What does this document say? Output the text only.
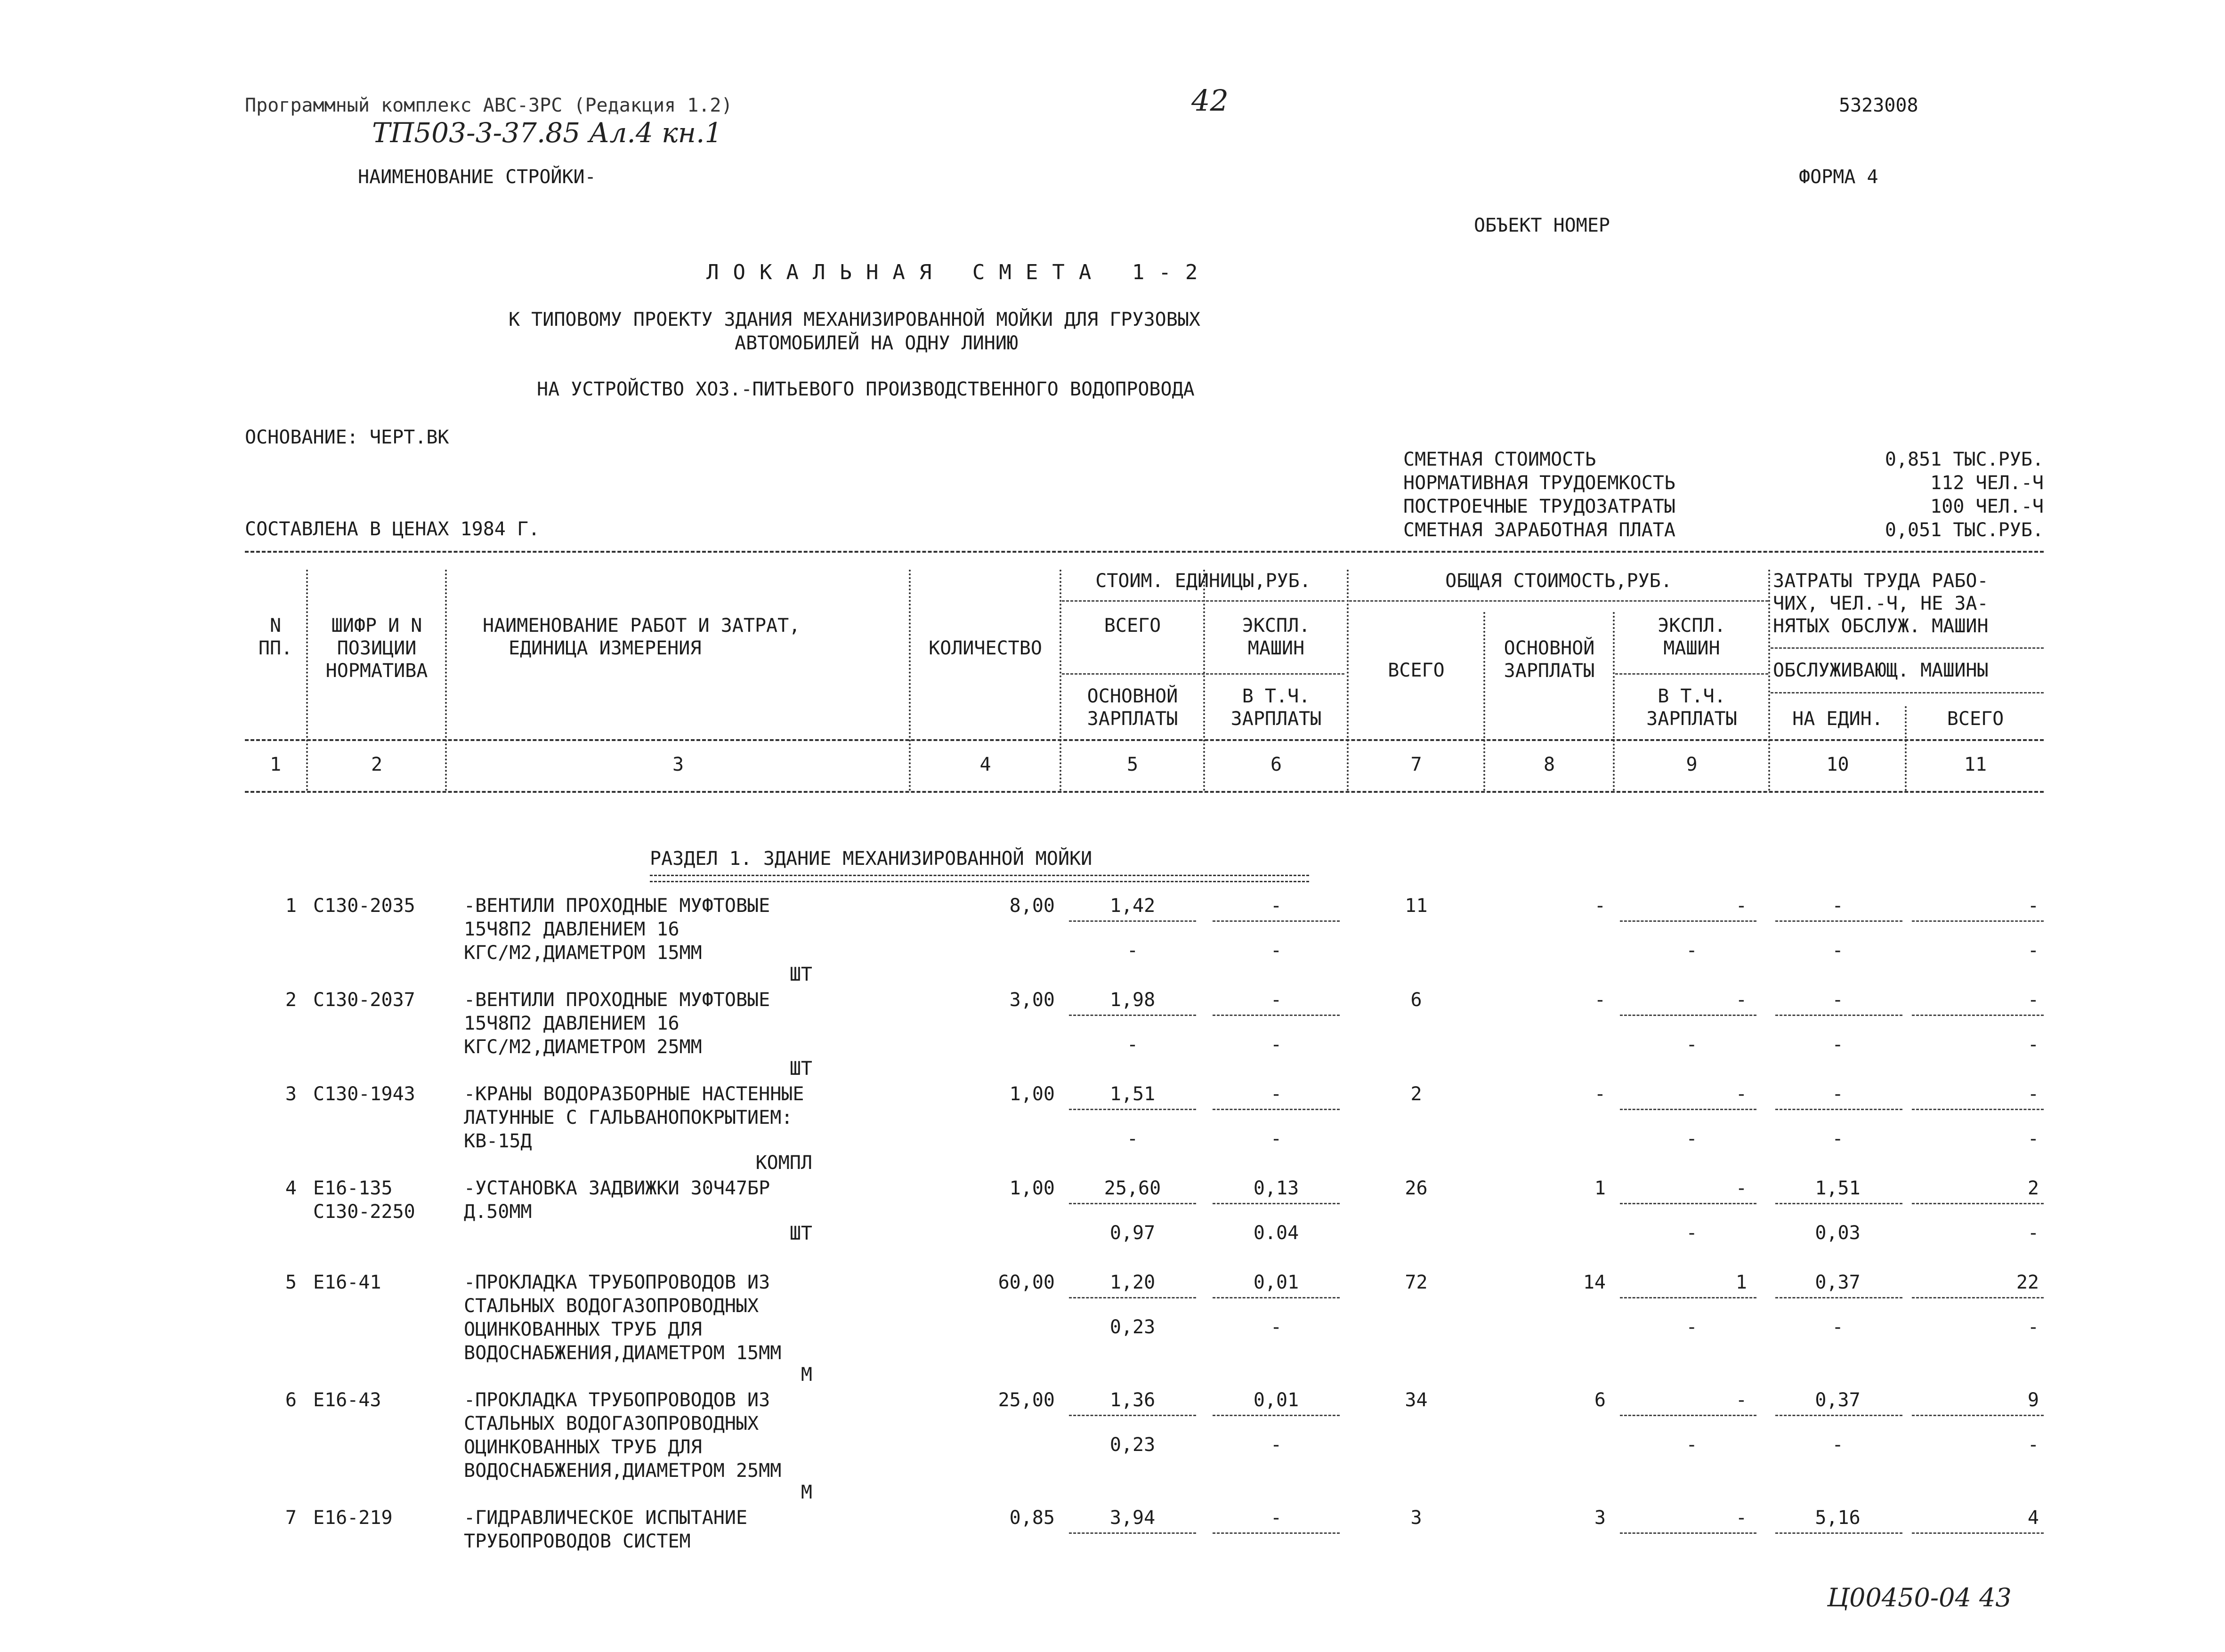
Программный комплекс АВС-3РС (Редакция 1.2)
ТП503-3-37.85 Ал.4 кн.1
42	5323008
НАИМЕНОВАНИЕ СТРОЙКИ-	ФОРМА 4
ОБЪЕКТ НОМЕР
ЛОКАЛЬНАЯ СМЕТА 1-2
К ТИПОВОМУ ПРОЕКТУ ЗДАНИЯ МЕХАНИЗИРОВАННОЙ МОЙКИ ДЛЯ ГРУЗОВЫХ
АВТОМОБИЛЕЙ НА ОДНУ ЛИНИЮ
НА УСТРОЙСТВО ХОЗ.-ПИТЬЕВОГО ПРОИЗВОДСТВЕННОГО ВОДОПРОВОДА
ОСНОВАНИЕ: ЧЕРТ.ВК
СОСТАВЛЕНА В ЦЕНАХ 1984 Г.
СМЕТНАЯ СТОИМОСТЬ	0,851 ТЫС.РУБ.
НОРМАТИВНАЯ ТРУДОЕМКОСТЬ	112 ЧЕЛ.-Ч
ПОСТРОЕЧНЫЕ ТРУДОЗАТРАТЫ	100 ЧЕЛ.-Ч
СМЕТНАЯ ЗАРАБОТНАЯ ПЛАТА	0,051 ТЫС.РУБ.
N
ПП.
ШИФР И N
ПОЗИЦИИ
НОРМАТИВА
НАИМЕНОВАНИЕ РАБОТ И ЗАТРАТ,
ЕДИНИЦА ИЗМЕРЕНИЯ	КОЛИЧЕСТВО
СТОИМ. ЕДИНИЦЫ,РУБ.
ВСЕГО	ЭКСПЛ.
МАШИН
ОСНОВНОЙ
ЗАРПЛАТЫ
В Т.Ч.
ЗАРПЛАТЫ
ОБЩАЯ СТОИМОСТЬ,РУБ.
ВСЕГО
ОСНОВНОЙ
ЗАРПЛАТЫ
ЭКСПЛ.
МАШИН
В Т.Ч.
ЗАРПЛАТЫ
ЗАТРАТЫ ТРУДА РАБО-
ЧИХ, ЧЕЛ.-Ч, НЕ ЗА-
НЯТЫХ ОБСЛУЖ. МАШИН
ОБСЛУЖИВАЮЩ. МАШИНЫ
НА ЕДИН.	ВСЕГО
1	2	3	4	5	6	7	8	9	10	11
РАЗДЕЛ 1. ЗДАНИЕ МЕХАНИЗИРОВАННОЙ МОЙКИ
1 С130-2035	-ВЕНТИЛИ ПРОХОДНЫЕ МУФТОВЫЕ
15Ч8П2 ДАВЛЕНИЕМ 16
КГС/М2,ДИАМЕТРОМ 15ММ
ШТ
8,00	1,42	-	11	-	-	-	-
-	-	-	-	-
2 С130-2037	-ВЕНТИЛИ ПРОХОДНЫЕ МУФТОВЫЕ
15Ч8П2 ДАВЛЕНИЕМ 16
КГС/М2,ДИАМЕТРОМ 25ММ
ШТ
3,00	1,98	-	6	-	-	-	-
-	-	-	-	-
3 С130-1943	-КРАНЫ ВОДОРАЗБОРНЫЕ НАСТЕННЫЕ
ЛАТУННЫЕ С ГАЛЬВАНОПОКРЫТИЕМ:
КВ-15Д
КОМПЛ
1,00	1,51	-	2	-	-	-	-
-	-	-	-	-
4 Е16-135
С130-2250
-УСТАНОВКА ЗАДВИЖКИ 30Ч47БР
Д.50ММ
ШТ
1,00	25,60	0,13	26	1	-	1,51	2
0,97	0.04	-	0,03	-
5 Е16-41	-ПРОКЛАДКА ТРУБОПРОВОДОВ ИЗ
СТАЛЬНЫХ ВОДОГАЗОПРОВОДНЫХ
ОЦИНКОВАННЫХ ТРУБ ДЛЯ
ВОДОСНАБЖЕНИЯ,ДИАМЕТРОМ 15ММ
М
60,00	1,20	0,01	72	14	1	0,37	22
0,23	-	-	-	-
6 Е16-43	-ПРОКЛАДКА ТРУБОПРОВОДОВ ИЗ
СТАЛЬНЫХ ВОДОГАЗОПРОВОДНЫХ
ОЦИНКОВАННЫХ ТРУБ ДЛЯ
ВОДОСНАБЖЕНИЯ,ДИАМЕТРОМ 25ММ
М
25,00	1,36	0,01	34	6	-	0,37	9
0,23	-	-	-	-
7 Е16-219	-ГИДРАВЛИЧЕСКОЕ ИСПЫТАНИЕ
ТРУБОПРОВОДОВ СИСТЕМ
0,85	3,94	-	3	3	-	5,16	4
Ц00450-04 43
